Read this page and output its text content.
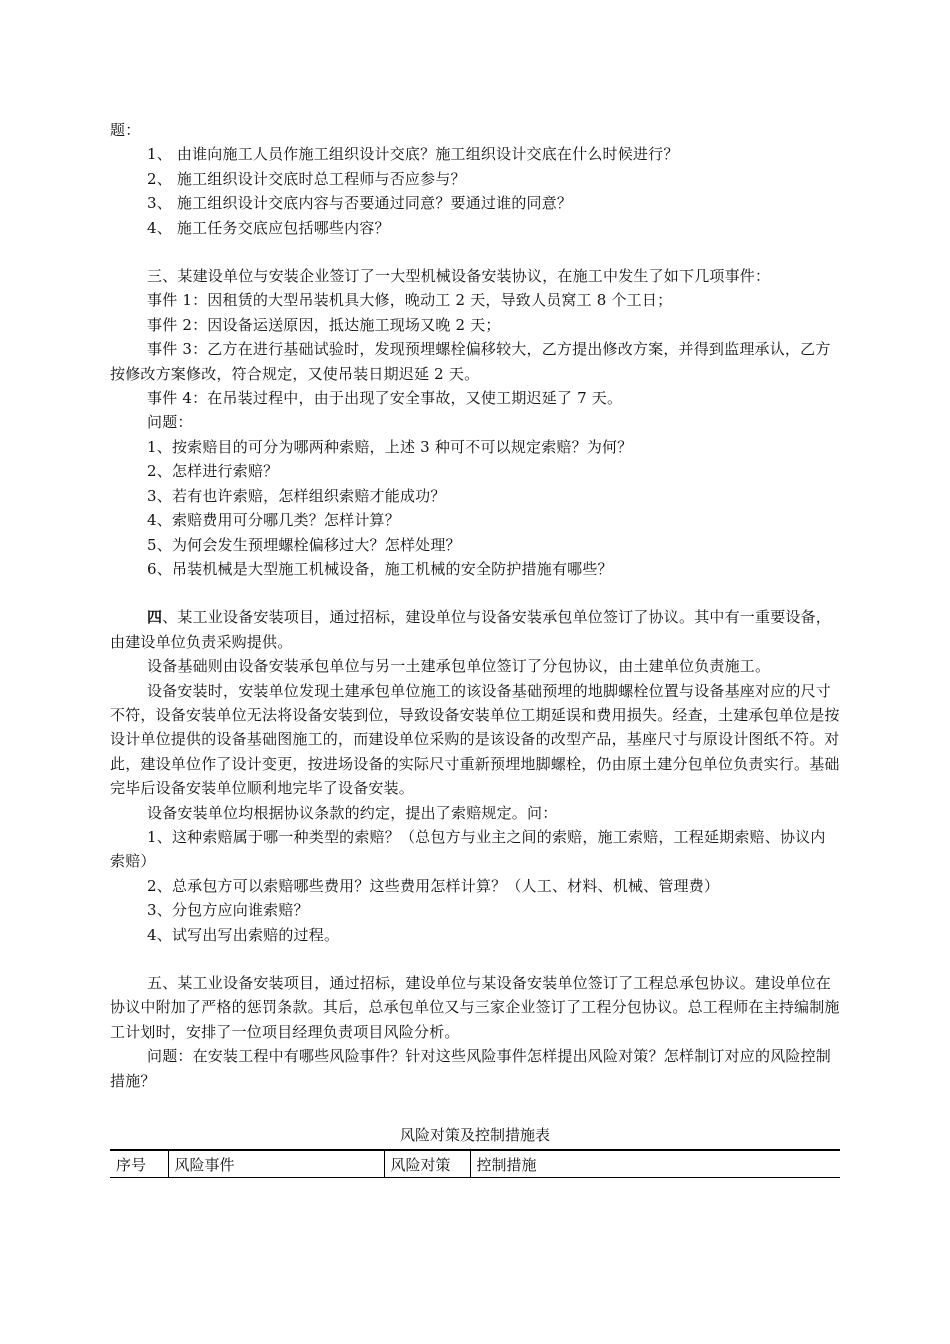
题：

1、 由谁向施工人员作施工组织设计交底？施工组织设计交底在什么时候进行？

2、 施工组织设计交底时总工程师与否应参与？

3、 施工组织设计交底内容与否要通过同意？要通过谁的同意？

4、 施工任务交底应包括哪些内容？

三、某建设单位与安装企业签订了一大型机械设备安装协议，在施工中发生了如下几项事件：

事件 1：因租赁的大型吊装机具大修，晚动工 2 天，导致人员窝工 8 个工日；

事件 2：因设备运送原因，抵达施工现场又晚 2 天；

事件 3：乙方在进行基础试验时，发现预埋螺栓偏移较大，乙方提出修改方案，并得到监理承认，乙方按修改方案修改，符合规定，又使吊装日期迟延 2 天。

事件 4：在吊装过程中，由于出现了安全事故，又使工期迟延了 7 天。

问题：

1、按索赔目的可分为哪两种索赔，上述 3 种可不可以规定索赔？为何？

2、怎样进行索赔？

3、若有也许索赔，怎样组织索赔才能成功？

4、索赔费用可分哪几类？怎样计算？

5、为何会发生预埋螺栓偏移过大？怎样处理？

6、吊装机械是大型施工机械设备，施工机械的安全防护措施有哪些？

四、某工业设备安装项目，通过招标，建设单位与设备安装承包单位签订了协议。其中有一重要设备，由建设单位负责采购提供。

设备基础则由设备安装承包单位与另一土建承包单位签订了分包协议，由土建单位负责施工。

设备安装时，安装单位发现土建承包单位施工的该设备基础预埋的地脚螺栓位置与设备基座对应的尺寸不符，设备安装单位无法将设备安装到位，导致设备安装单位工期延误和费用损失。经查，土建承包单位是按设计单位提供的设备基础图施工的，而建设单位采购的是该设备的改型产品，基座尺寸与原设计图纸不符。对此，建设单位作了设计变更，按进场设备的实际尺寸重新预埋地脚螺栓，仍由原土建分包单位负责实行。基础完毕后设备安装单位顺利地完毕了设备安装。

设备安装单位均根据协议条款的约定，提出了索赔规定。问：

1、这种索赔属于哪一种类型的索赔？（总包方与业主之间的索赔，施工索赔，工程延期索赔、协议内索赔）

2、总承包方可以索赔哪些费用？这些费用怎样计算？（人工、材料、机械、管理费）

3、分包方应向谁索赔？

4、试写出写出索赔的过程。

五、某工业设备安装项目，通过招标，建设单位与某设备安装单位签订了工程总承包协议。建设单位在协议中附加了严格的惩罚条款。其后，总承包单位又与三家企业签订了工程分包协议。总工程师在主持编制施工计划时，安排了一位项目经理负责项目风险分析。

问题：在安装工程中有哪些风险事件？针对这些风险事件怎样提出风险对策？怎样制订对应的风险控制措施？

风险对策及控制措施表
序号	风险事件	风险对策	控制措施
